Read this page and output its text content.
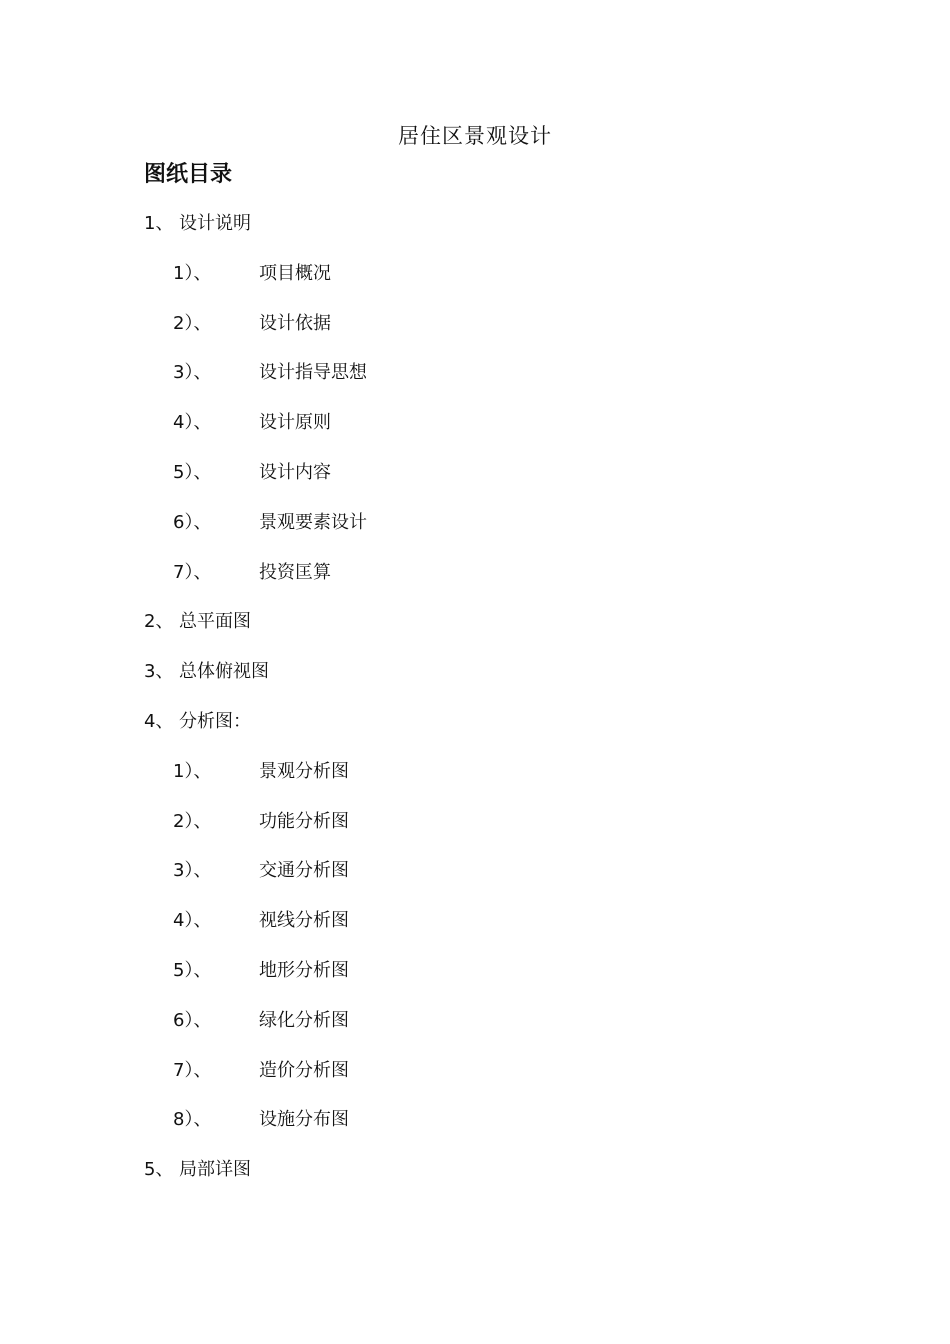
居住区景观设计
图纸目录
1、 设计说明
1）、	项目概况
2）、	设计依据
3）、	设计指导思想
4）、	设计原则
5）、	设计内容
6）、	景观要素设计
7）、	投资匡算
2、 总平面图
3、 总体俯视图
4、 分析图：
1）、	景观分析图
2）、	功能分析图
3）、	交通分析图
4）、	视线分析图
5）、	地形分析图
6）、	绿化分析图
7）、	造价分析图
8）、	设施分布图
5、 局部详图
